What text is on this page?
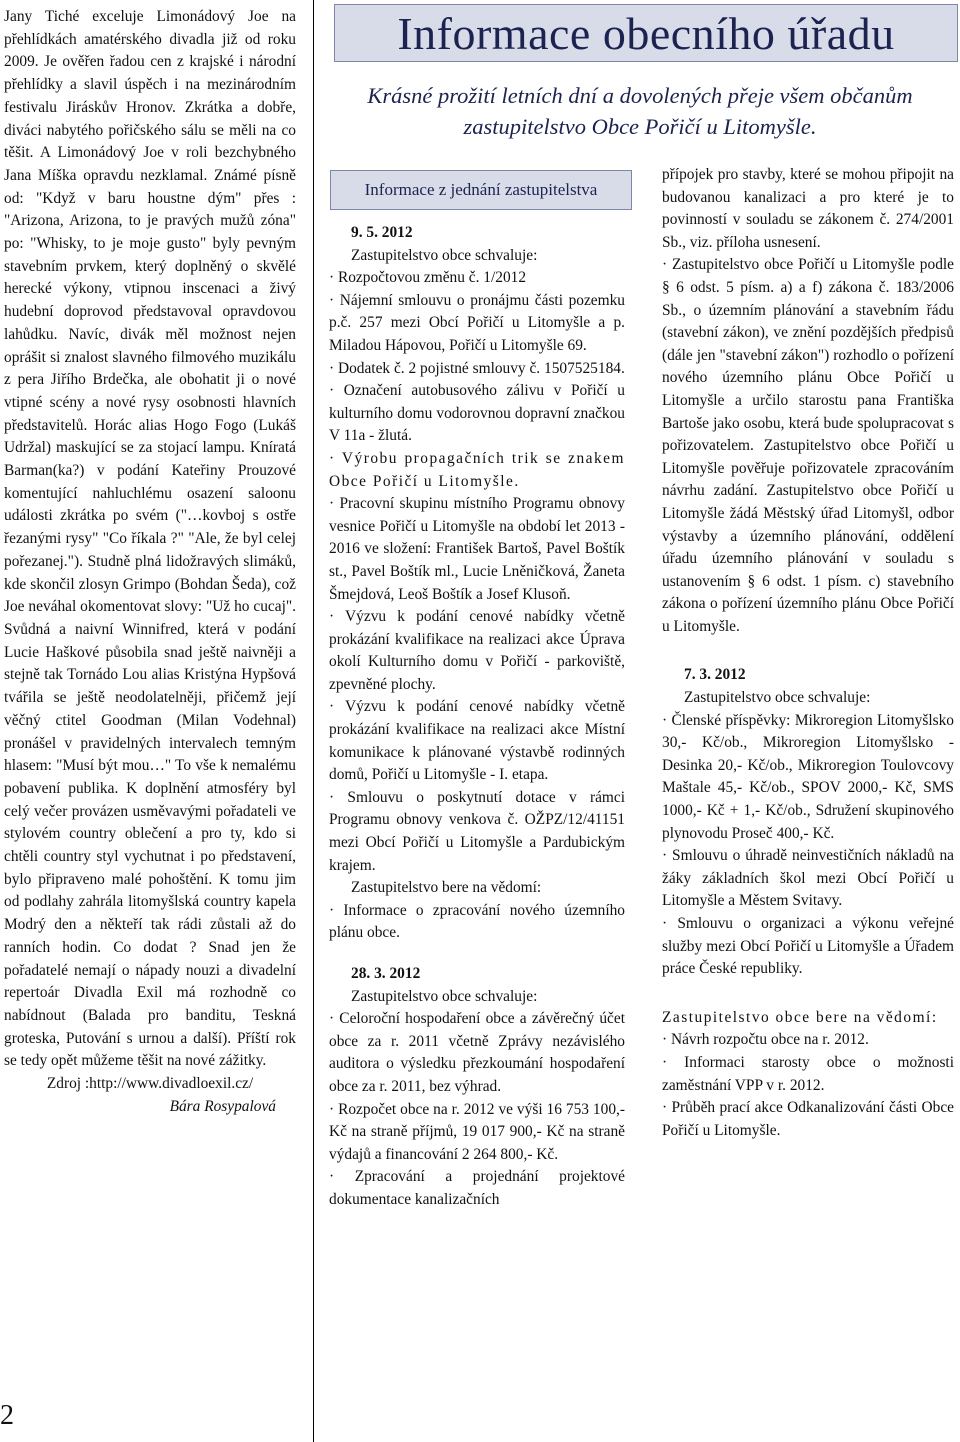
Jany Tiché exceluje Limonádový Joe na přehlídkách amatérského divadla již od roku 2009. Je ověřen řadou cen z krajské i národní přehlídky a slavil úspěch i na mezinárodním festivalu Jiráskův Hronov. Zkrátka a dobře, diváci nabytého pořičského sálu se měli na co těšit. A Limonádový Joe v roli bezchybného Jana Míška opravdu nezklamal. Známé písně od: "Když v baru houstne dým" přes : "Arizona, Arizona, to je pravých mužů zóna" po: "Whisky, to je moje gusto" byly pevným stavebním prvkem, který doplněný o skvělé herecké výkony, vtipnou inscenaci a živý hudební doprovod představoval opravdovou lahůdku. Navíc, divák měl možnost nejen oprášit si znalost slavného filmového muzikálu z pera Jiřího Brdečka, ale obohatit ji o nové vtipné scény a nové rysy osobnosti hlavních představitelů. Horác alias Hogo Fogo (Lukáš Udržal) maskující se za stojací lampu. Kníratá Barman(ka?) v podání Kateřiny Prouzové komentující nahluchlému osazení saloonu události zkrátka po svém ("…kovboj s ostře řezanými rysy" "Co říkala ?" "Ale, že byl celej pořezanej."). Studně plná lidožravých slimáků, kde skončil zlosyn Grimpo (Bohdan Šeda), což Joe neváhal okomentovat slovy: "Už ho cucaj". Svůdná a naivní Winnifred, která v podání Lucie Haškové působila snad ještě naivněji a stejně tak Tornádo Lou alias Kristýna Hypšová tvářila se ještě neodolatelněji, přičemž její věčný ctitel Goodman (Milan Vodehnal) pronášel v pravidelných intervalech temným hlasem: "Musí být mou…" To vše k nemalému pobavení publika. K doplnění atmosféry byl celý večer provázen usměvavými pořadateli ve stylovém country oblečení a pro ty, kdo si chtěli country styl vychutnat i po představení, bylo připraveno malé pohoštění. K tomu jim od podlahy zahrála litomyšlská country kapela Modrý den a někteří tak rádi zůstali až do ranních hodin. Co dodat ? Snad jen že pořadatelé nemají o nápady nouzi a divadelní repertoár Divadla Exil má rozhodně co nabídnout (Balada pro banditu, Teskná groteska, Putování s urnou a další). Příští rok se tedy opět můžeme těšit na nové zážitky.

Zdroj :http://www.divadloexil.cz/

Bára Rosypalová

2
Informace obecního úřadu
Krásné prožití letních dní a dovolených přeje všem občanům zastupitelstvo Obce Pořičí u Litomyšle.
Informace z jednání zastupitelstva

9. 5. 2012

Zastupitelstvo obce schvaluje:

· Rozpočtovou změnu č. 1/2012

· Nájemní smlouvu o pronájmu části pozemku p.č. 257 mezi Obcí Pořičí u Litomyšle a p. Miladou Hápovou, Pořičí u Litomyšle 69.

· Dodatek č. 2 pojistné smlouvy č. 1507525184.

· Označení autobusového zálivu v Pořičí u kulturního domu vodorovnou dopravní značkou V 11a - žlutá.

· Výrobu propagačních trik se znakem Obce Pořičí u Litomyšle.

· Pracovní skupinu místního Programu obnovy vesnice Pořičí u Litomyšle na období let 2013 - 2016 ve složení: František Bartoš, Pavel Boštík st., Pavel Boštík ml., Lucie Lněničková, Žaneta Šmejdová, Leoš Boštík a Josef Klusoň.

· Výzvu k podání cenové nabídky včetně prokázání kvalifikace na realizaci akce Úprava okolí Kulturního domu v Pořičí - parkoviště, zpevněné plochy.

· Výzvu k podání cenové nabídky včetně prokázání kvalifikace na realizaci akce Místní komunikace k plánované výstavbě rodinných domů, Pořičí u Litomyšle - I. etapa.

· Smlouvu o poskytnutí dotace v rámci Programu obnovy venkova č. OŽPZ/12/41151 mezi Obcí Pořičí u Litomyšle a Pardubickým krajem.

Zastupitelstvo bere na vědomí:

· Informace o zpracování nového územního plánu obce.

28. 3. 2012

Zastupitelstvo obce schvaluje:

· Celoroční hospodaření obce a závěrečný účet obce za r. 2011 včetně Zprávy nezávislého auditora o výsledku přezkoumání hospodaření obce za r. 2011, bez výhrad.

· Rozpočet obce na r. 2012 ve výši 16 753 100,- Kč na straně příjmů, 19 017 900,- Kč na straně výdajů a financování 2 264 800,- Kč.

· Zpracování a projednání projektové dokumentace kanalizačních

přípojek pro stavby, které se mohou připojit na budovanou kanalizaci a pro které je to povinností v souladu se zákonem č. 274/2001 Sb., viz. příloha usnesení.

· Zastupitelstvo obce Pořičí u Litomyšle podle § 6 odst. 5 písm. a) a f) zákona č. 183/2006 Sb., o územním plánování a stavebním řádu (stavební zákon), ve znění pozdějších předpisů (dále jen "stavební zákon") rozhodlo o pořízení nového územního plánu Obce Pořičí u Litomyšle a určilo starostu pana Františka Bartoše jako osobu, která bude spolupracovat s pořizovatelem. Zastupitelstvo obce Pořičí u Litomyšle pověřuje pořizovatele zpracováním návrhu zadání. Zastupitelstvo obce Pořičí u Litomyšle žádá Městský úřad Litomyšl, odbor výstavby a územního plánování, oddělení úřadu územního plánování v souladu s ustanovením § 6 odst. 1 písm. c) stavebního zákona o pořízení územního plánu Obce Pořičí u Litomyšle.

7. 3. 2012

Zastupitelstvo obce schvaluje:

· Členské příspěvky: Mikroregion Litomyšlsko 30,- Kč/ob., Mikroregion Litomyšlsko - Desinka 20,- Kč/ob., Mikroregion Toulovcovy Maštale 45,- Kč/ob., SPOV 2000,- Kč, SMS 1000,- Kč + 1,- Kč/ob., Sdružení skupinového plynovodu Proseč 400,- Kč.

· Smlouvu o úhradě neinvestičních nákladů na žáky základních škol mezi Obcí Pořičí u Litomyšle a Městem Svitavy.

· Smlouvu o organizaci a výkonu veřejné služby mezi Obcí Pořičí u Litomyšle a Úřadem práce České republiky.

Zastupitelstvo obce bere na vědomí:

· Návrh rozpočtu obce na r. 2012.

· Informaci starosty obce o možnosti zaměstnání VPP v r. 2012.

· Průběh prací akce Odkanalizování části Obce Pořičí u Litomyšle.
